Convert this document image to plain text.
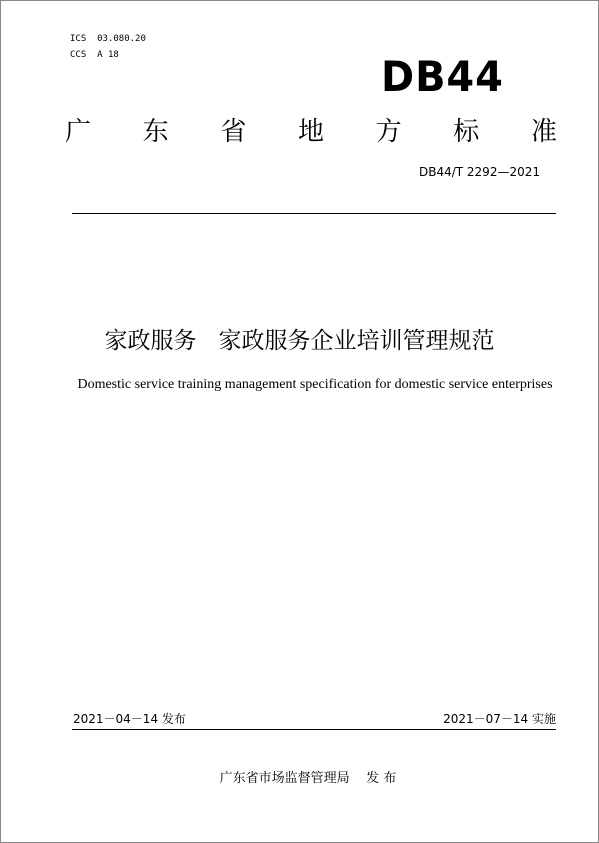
ICS 03.080.20
CCS A 18	DB44
广 东 省 地 方 标 准
DB44/T 2292—2021
家政服务   家政服务企业培训管理规范
Domestic service training management specification for domestic service enterprises
2021－04－14 发布	2021－07－14 实施
广东省市场监督管理局    发 布
